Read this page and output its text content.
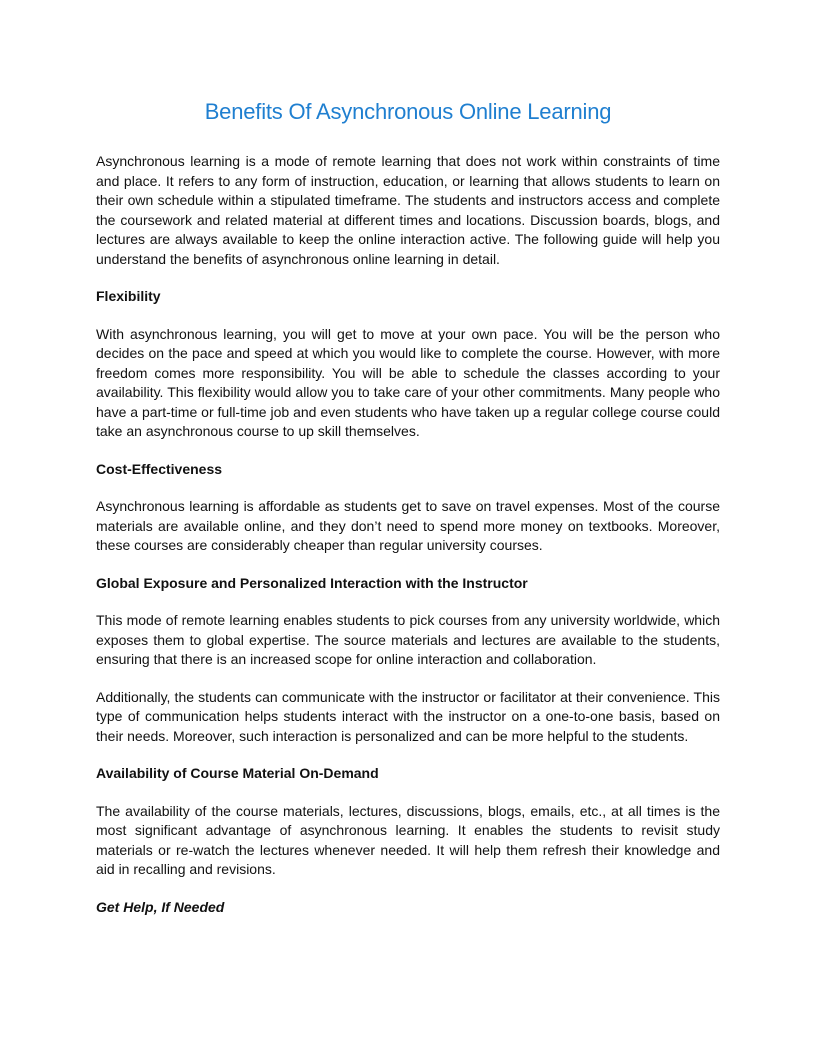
Benefits Of Asynchronous Online Learning

Asynchronous learning is a mode of remote learning that does not work within constraints of time and place. It refers to any form of instruction, education, or learning that allows students to learn on their own schedule within a stipulated timeframe. The students and instructors access and complete the coursework and related material at different times and locations. Discussion boards, blogs, and lectures are always available to keep the online interaction active. The following guide will help you understand the benefits of asynchronous online learning in detail.

Flexibility

With asynchronous learning, you will get to move at your own pace. You will be the person who decides on the pace and speed at which you would like to complete the course. However, with more freedom comes more responsibility. You will be able to schedule the classes according to your availability. This flexibility would allow you to take care of your other commitments. Many people who have a part-time or full-time job and even students who have taken up a regular college course could take an asynchronous course to up skill themselves.

Cost-Effectiveness

Asynchronous learning is affordable as students get to save on travel expenses. Most of the course materials are available online, and they don’t need to spend more money on textbooks. Moreover, these courses are considerably cheaper than regular university courses.

Global Exposure and Personalized Interaction with the Instructor

This mode of remote learning enables students to pick courses from any university worldwide, which exposes them to global expertise. The source materials and lectures are available to the students, ensuring that there is an increased scope for online interaction and collaboration.

Additionally, the students can communicate with the instructor or facilitator at their convenience. This type of communication helps students interact with the instructor on a one-to-one basis, based on their needs. Moreover, such interaction is personalized and can be more helpful to the students.

Availability of Course Material On-Demand

The availability of the course materials, lectures, discussions, blogs, emails, etc., at all times is the most significant advantage of asynchronous learning. It enables the students to revisit study materials or re-watch the lectures whenever needed. It will help them refresh their knowledge and aid in recalling and revisions.

Get Help, If Needed
